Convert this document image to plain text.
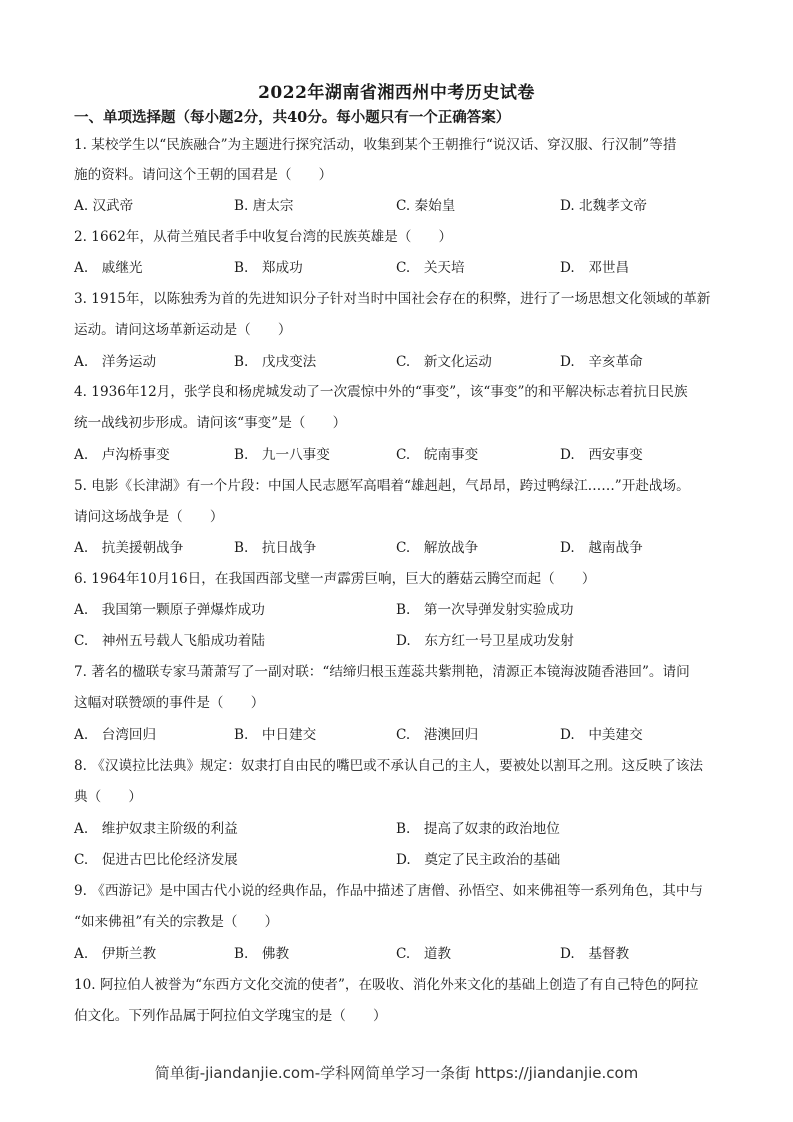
2022年湖南省湘西州中考历史试卷
一、单项选择题（每小题2分，共40分。每小题只有一个正确答案）
1. 某校学生以“民族融合”为主题进行探究活动，收集到某个王朝推行“说汉话、穿汉服、行汉制”等措
施的资料。请问这个王朝的国君是（　　）
A. 汉武帝	B. 唐太宗	C. 秦始皇	D. 北魏孝文帝
2. 1662年，从荷兰殖民者手中收复台湾的民族英雄是（　　）
A.　戚继光	B.　郑成功	C.　关天培	D.　邓世昌
3. 1915年，以陈独秀为首的先进知识分子针对当时中国社会存在的积弊，进行了一场思想文化领域的革新
运动。请问这场革新运动是（　　）
A.　洋务运动	B.　戊戌变法	C.　新文化运动	D.　辛亥革命
4. 1936年12月，张学良和杨虎城发动了一次震惊中外的“事变”，该“事变”的和平解决标志着抗日民族
统一战线初步形成。请问该“事变”是（　　）
A.　卢沟桥事变	B.　九一八事变	C.　皖南事变	D.　西安事变
5. 电影《长津湖》有一个片段：中国人民志愿军高唱着“雄赳赳，气昂昂，跨过鸭绿江……”开赴战场。
请问这场战争是（　　）
A.　抗美援朝战争	B.　抗日战争	C.　解放战争	D.　越南战争
6. 1964年10月16日，在我国西部戈壁一声霹雳巨响，巨大的蘑菇云腾空而起（　　）
A.　我国第一颗原子弹爆炸成功	B.　第一次导弹发射实验成功
C.　神州五号载人飞船成功着陆	D.　东方红一号卫星成功发射
7. 著名的楹联专家马萧萧写了一副对联：“结缔归根玉莲蕊共紫荆艳，清源正本镜海波随香港回”。请问
这幅对联赞颂的事件是（　　）
A.　台湾回归	B.　中日建交	C.　港澳回归	D.　中美建交
8. 《汉谟拉比法典》规定：奴隶打自由民的嘴巴或不承认自己的主人，要被处以割耳之刑。这反映了该法
典（　　）
A.　维护奴隶主阶级的利益	B.　提高了奴隶的政治地位
C.　促进古巴比伦经济发展	D.　奠定了民主政治的基础
9. 《西游记》是中国古代小说的经典作品，作品中描述了唐僧、孙悟空、如来佛祖等一系列角色，其中与
“如来佛祖”有关的宗教是（　　）
A.　伊斯兰教	B.　佛教	C.　道教	D.　基督教
10. 阿拉伯人被誉为“东西方文化交流的使者”，在吸收、消化外来文化的基础上创造了有自己特色的阿拉
伯文化。下列作品属于阿拉伯文学瑰宝的是（　　）
简单街-jiandanjie.com-学科网简单学习一条街 https://jiandanjie.com
